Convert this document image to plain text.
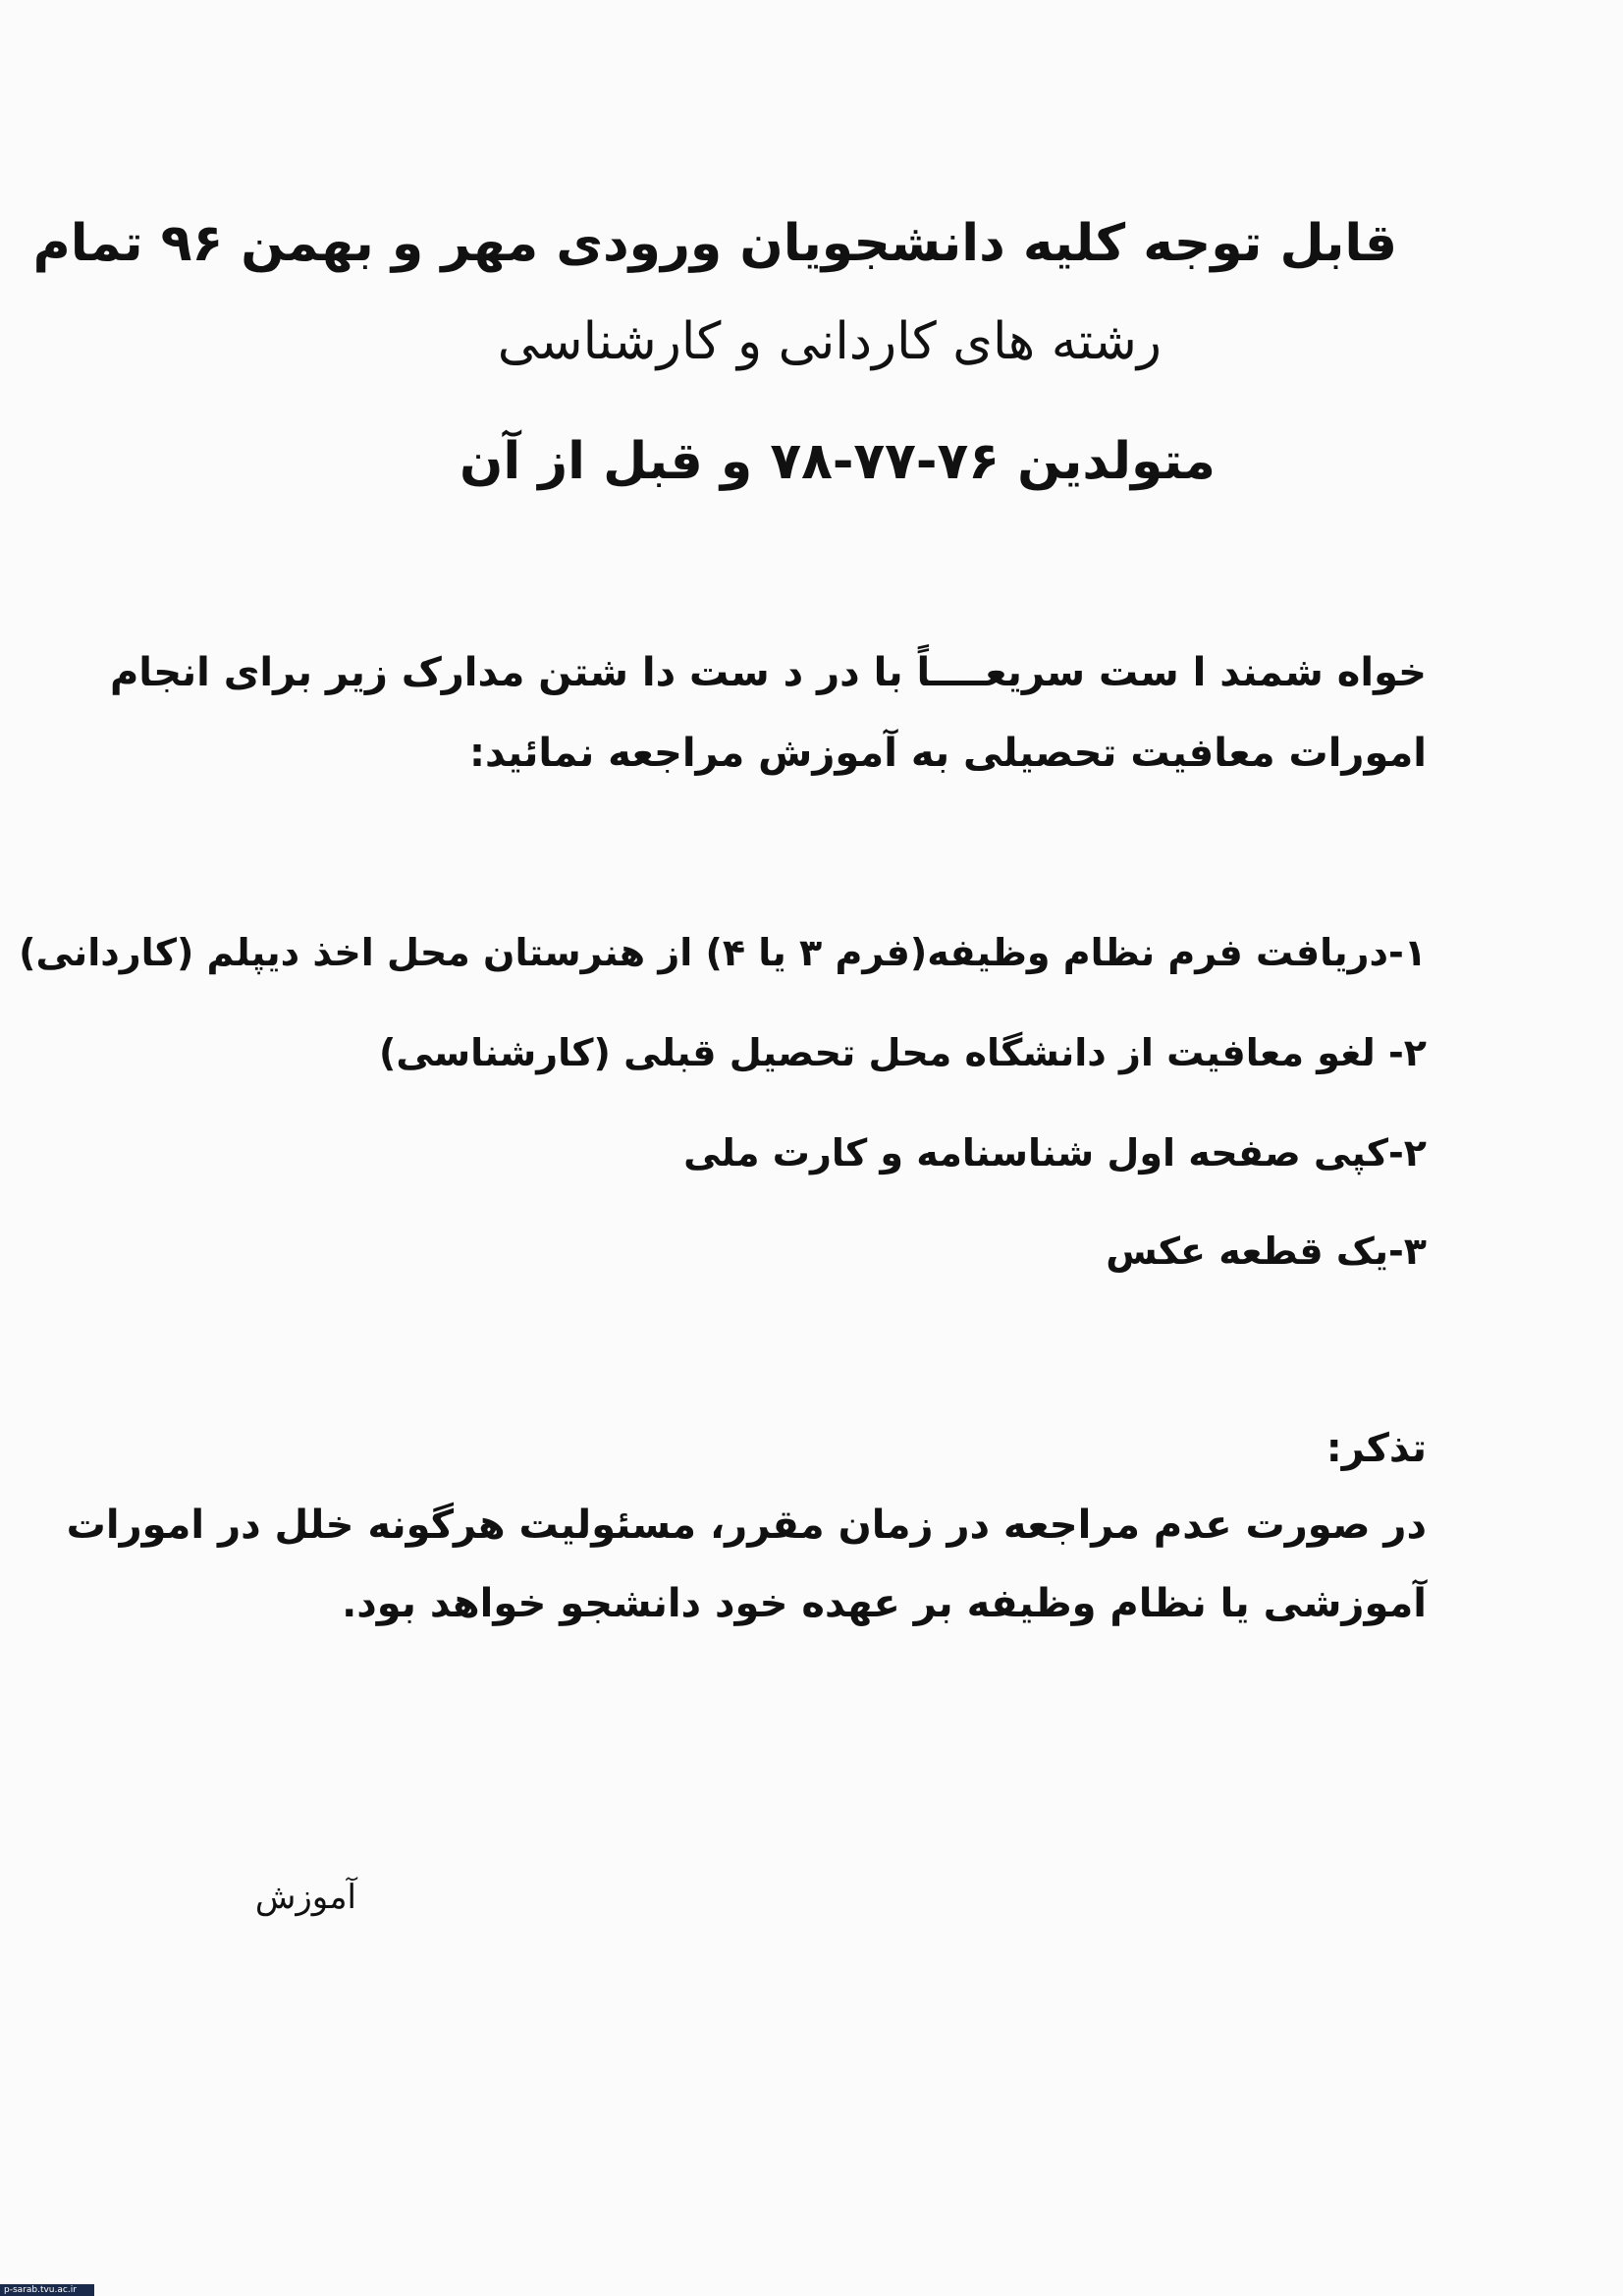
قابل توجه کلیه دانشجویان ورودی مهر و بهمن ۹۶ تمام
رشته های کاردانی و کارشناسی
متولدین ۷۶-۷۷-۷۸ و قبل از آن
خواه شمند ا ست سریعــــاً با در د ست دا شتن مدارک زیر برای انجام
امورات معافیت تحصیلی به آموزش مراجعه نمائید:
۱-دریافت فرم نظام وظیفه(فرم ۳ یا ۴) از هنرستان محل اخذ دیپلم (کاردانی)
۲- لغو معافیت از دانشگاه محل تحصیل قبلی (کارشناسی)
۲-کپی صفحه اول شناسنامه و کارت ملی
۳-یک قطعه عکس
تذکر:
در صورت عدم مراجعه در زمان مقرر، مسئولیت هرگونه خلل در امورات
آموزشی یا نظام وظیفه بر عهده خود دانشجو خواهد بود.
آموزش
p-sarab.tvu.ac.ir
